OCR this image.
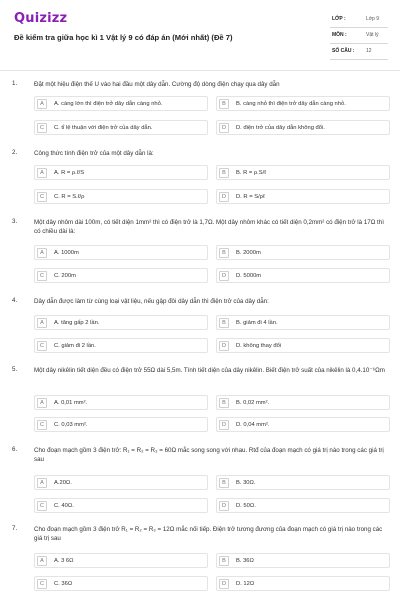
Quizizz
Đề kiểm tra giữa học kì 1 Vật lý 9 có đáp án (Mới nhất) (Đề 7)
LỚP :	Lớp 9
MÔN :	Vật lý
SỐ CÂU : 12
1.	Đặt một hiệu điện thế U vào hai đầu một dây dẫn. Cường độ dòng điện chạy qua dây dẫn
A	A. càng lớn thì điện trở dây dẫn càng nhỏ.	B	B. càng nhỏ thì điện trở dây dẫn càng nhỏ.
C	C. tỉ lệ thuận với điện trở của dây dẫn.	D	D. điện trở của dây dẫn không đổi.
2.	Công thức tính điện trở của một dây dẫn là:
A	A. R = ρ.ℓ/S	B	B. R = ρ.S/ℓ
C	C. R = S.ℓ/ρ	D	D. R = S/ρℓ
3.	Một dây nhôm dài 100m, có tiết diện 1mm² thì có điện trở là 1,7Ω. Một dây nhôm khác có tiết diện 0,2mm² có điện trở là 17Ω thì có chiều dài là:
A	A. 1000m	B	B. 2000m
C	C. 200m	D	D. 5000m
4.	Dây dẫn được làm từ cùng loại vật liệu, nếu gập đôi dây dẫn thì điện trở của dây dẫn:
A	A. tăng gấp 2 lần.	B	B. giảm đi 4 lần.
C	C. giảm đi 2 lần.	D	D. không thay đổi
5.	Một dây nikêlin tiết diện đều có điện trở 55Ω dài 5,5m. Tính tiết diện của dây nikêlin. Biết điện trở suất của nikêlin là 0,4.10⁻⁶Ωm
A	A. 0,01 mm².	B	B. 0,02 mm².
C	C. 0,03 mm².	D	D. 0,04 mm².
6.	Cho đoạn mạch gồm 3 điện trở: R₁ = R₂ = R₃ = 60Ω mắc song song với nhau. Rtđ của đoạn mạch có giá trị nào trong các giá trị sau
A	A.20Ω.	B	B. 30Ω.
C	C. 40Ω.	D	D. 50Ω.
7.	Cho đoạn mạch gồm 3 điện trở R₁ = R₂ = R₃ = 12Ω mắc nối tiếp. Điện trở tương đương của đoạn mạch có giá trị nào trong các giá trị sau
A	A. 3 6Ω	B	B. 36Ω
C	C. 36Ω	D	D. 12Ω
